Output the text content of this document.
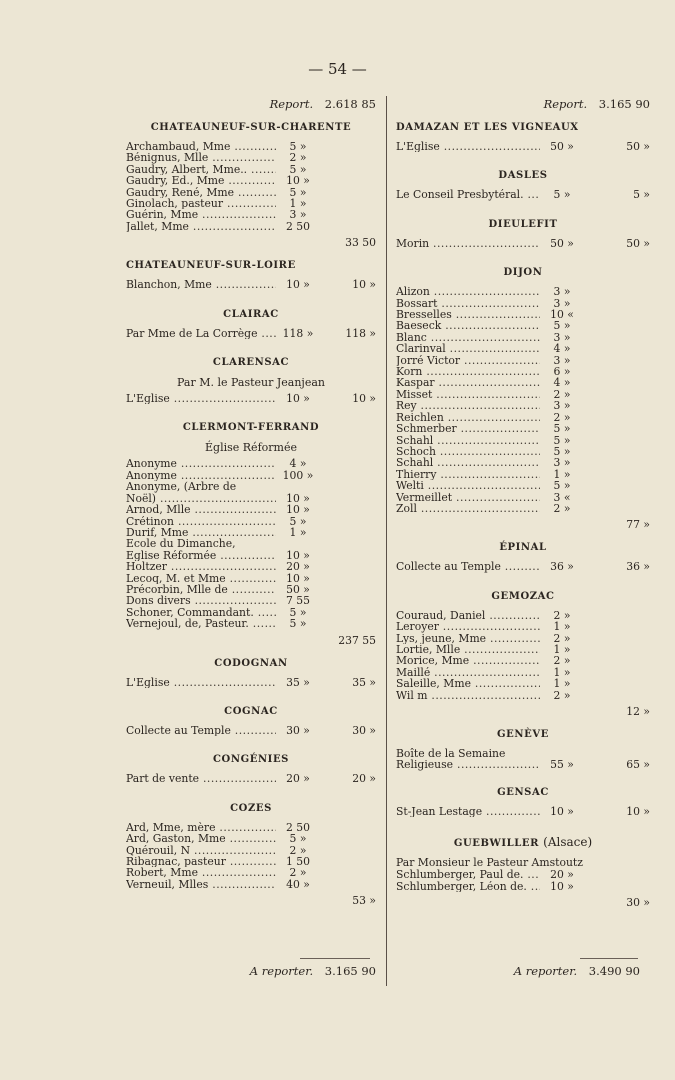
— 54 —
Report. 2.618 85
CHATEAUNEUF-SUR-CHARENTE
Archambaud, Mme .....	5 »
Bénignus, Mlle .....	2 »
Gaudry, Albert, Mme.. .....	5 »
Gaudry, Ed., Mme .....	10 »
Gaudry, René, Mme .....	5 »
Ginolach, pasteur .....	1 »
Guérin, Mme .....	3 »
Jallet, Mme .....	2 50
33 50
CHATEAUNEUF-SUR-LOIRE
Blanchon, Mme .....	10 »	10 »
CLAIRAC
Par Mme de La Corrège .....	118 »	118 »
CLARENSAC
Par M. le Pasteur Jeanjean
L'Église .....	10 »	10 »
CLERMONT-FERRAND
Église Réformée
Anonyme .....	4 »
Anonyme .....	100 »
Anonyme, (Arbre de
Noël) .....	10 »
Arnod, Mlle .....	10 »
Crétinon .....	5 »
Durif, Mme .....	1 »
Ecole du Dimanche,
Eglise Réformée .....	10 »
Holtzer .....	20 »
Lecoq, M. et Mme .....	10 »
Précorbin, Mlle de .....	50 »
Dons divers .....	7 55
Schoner, Commandant. .....	5 »
Vernejoul, de, Pasteur. .....	5 »
237 55
CODOGNAN
L'Eglise .....	35 »	35 »
COGNAC
Collecte au Temple .....	30 »	30 »
CONGÉNIES
Part de vente .....	20 »	20 »
COZES
Ard, Mme, mère .....	2 50
Ard, Gaston, Mme .....	5 »
Quérouil, N .....	2 »
Ribagnac, pasteur .....	1 50
Robert, Mme .....	2 »
Verneuil, Mlles .....	40 »
53 »
Report. 3.165 90
DAMAZAN ET LES VIGNEAUX
L'Eglise .....	50 »	50 »
DASLES
Le Conseil Presbytéral. .....	5 »	5 »
DIEULEFIT
Morin .....	50 »	50 »
DIJON
Alizon .....	3 »
Bossart .....	3 »
Bresselles .....	10 «
Baeseck .....	5 »
Blanc .....	3 »
Clarinval .....	4 »
Jorré Victor .....	3 »
Korn .....	6 »
Kaspar .....	4 »
Misset .....	2 »
Rey .....	3 »
Reichlen .....	2 »
Schmerber .....	5 »
Schahl .....	5 »
Schoch .....	5 »
Schahl .....	3 »
Thierry .....	1 »
Welti .....	5 »
Vermeillet .....	3 «
Zoll .....	2 »
77 »
ÉPINAL
Collecte au Temple .....	36 »	36 »
GEMOZAC
Couraud, Daniel .....	2 »
Leroyer .....	1 »
Lys, jeune, Mme .....	2 »
Lortie, Mlle .....	1 »
Morice, Mme .....	2 »
Maillé .....	1 »
Saleille, Mme .....	1 »
Wil m .....	2 »
12 »
GENÈVE
Boîte de la Semaine
Religieuse .....	55 »	65 »
GENSAC
St-Jean Lestage .....	10 »	10 »
GUEBWILLER (Alsace)
Par Monsieur le Pasteur Amstoutz
Schlumberger, Paul de. .....	20 »
Schlumberger, Léon de. .....	10 »
30 »
A reporter. 3.165 90	A reporter. 3.490 90
